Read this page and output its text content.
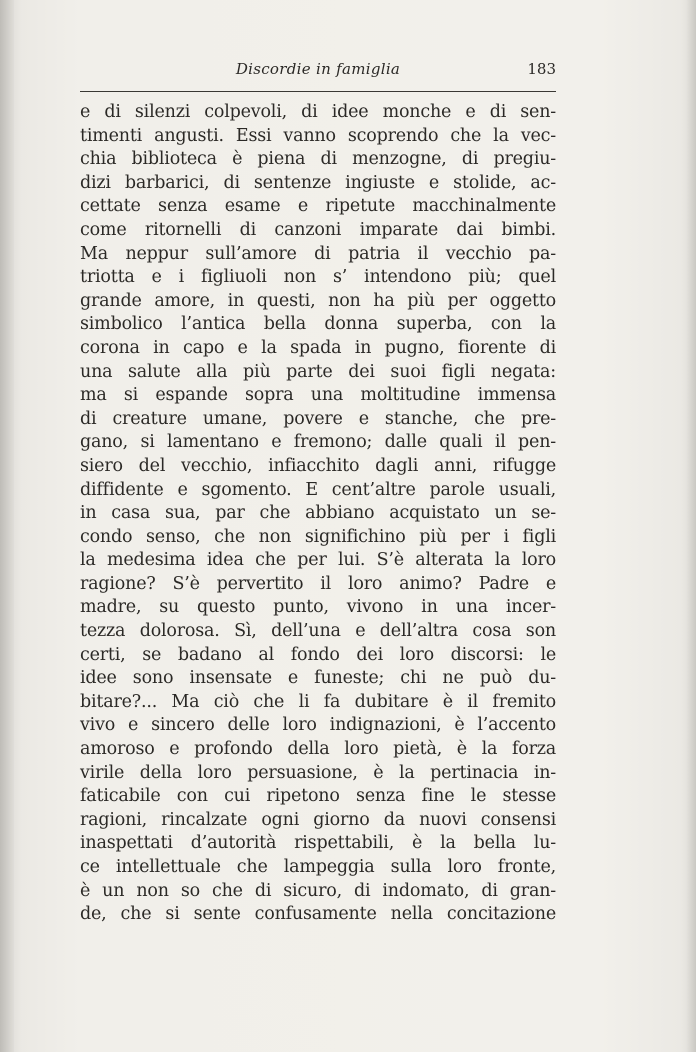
Discordie in famiglia	183
e di silenzi colpevoli, di idee monche e di sen-
timenti angusti. Essi vanno scoprendo che la vec-
chia biblioteca è piena di menzogne, di pregiu-
dizi barbarici, di sentenze ingiuste e stolide, ac-
cettate senza esame e ripetute macchinalmente
come ritornelli di canzoni imparate dai bimbi.
Ma neppur sull’amore di patria il vecchio pa-
triotta e i figliuoli non s’ intendono più; quel
grande amore, in questi, non ha più per oggetto
simbolico l’antica bella donna superba, con la
corona in capo e la spada in pugno, fiorente di
una salute alla più parte dei suoi figli negata:
ma si espande sopra una moltitudine immensa
di creature umane, povere e stanche, che pre-
gano, si lamentano e fremono; dalle quali il pen-
siero del vecchio, infiacchito dagli anni, rifugge
diffidente e sgomento. E cent’altre parole usuali,
in casa sua, par che abbiano acquistato un se-
condo senso, che non significhino più per i figli
la medesima idea che per lui. S’è alterata la loro
ragione? S’è pervertito il loro animo? Padre e
madre, su questo punto, vivono in una incer-
tezza dolorosa. Sì, dell’una e dell’altra cosa son
certi, se badano al fondo dei loro discorsi: le
idee sono insensate e funeste; chi ne può du-
bitare?... Ma ciò che li fa dubitare è il fremito
vivo e sincero delle loro indignazioni, è l’accento
amoroso e profondo della loro pietà, è la forza
virile della loro persuasione, è la pertinacia in-
faticabile con cui ripetono senza fine le stesse
ragioni, rincalzate ogni giorno da nuovi consensi
inaspettati d’autorità rispettabili, è la bella lu-
ce intellettuale che lampeggia sulla loro fronte,
è un non so che di sicuro, di indomato, di gran-
de, che si sente confusamente nella concitazione
